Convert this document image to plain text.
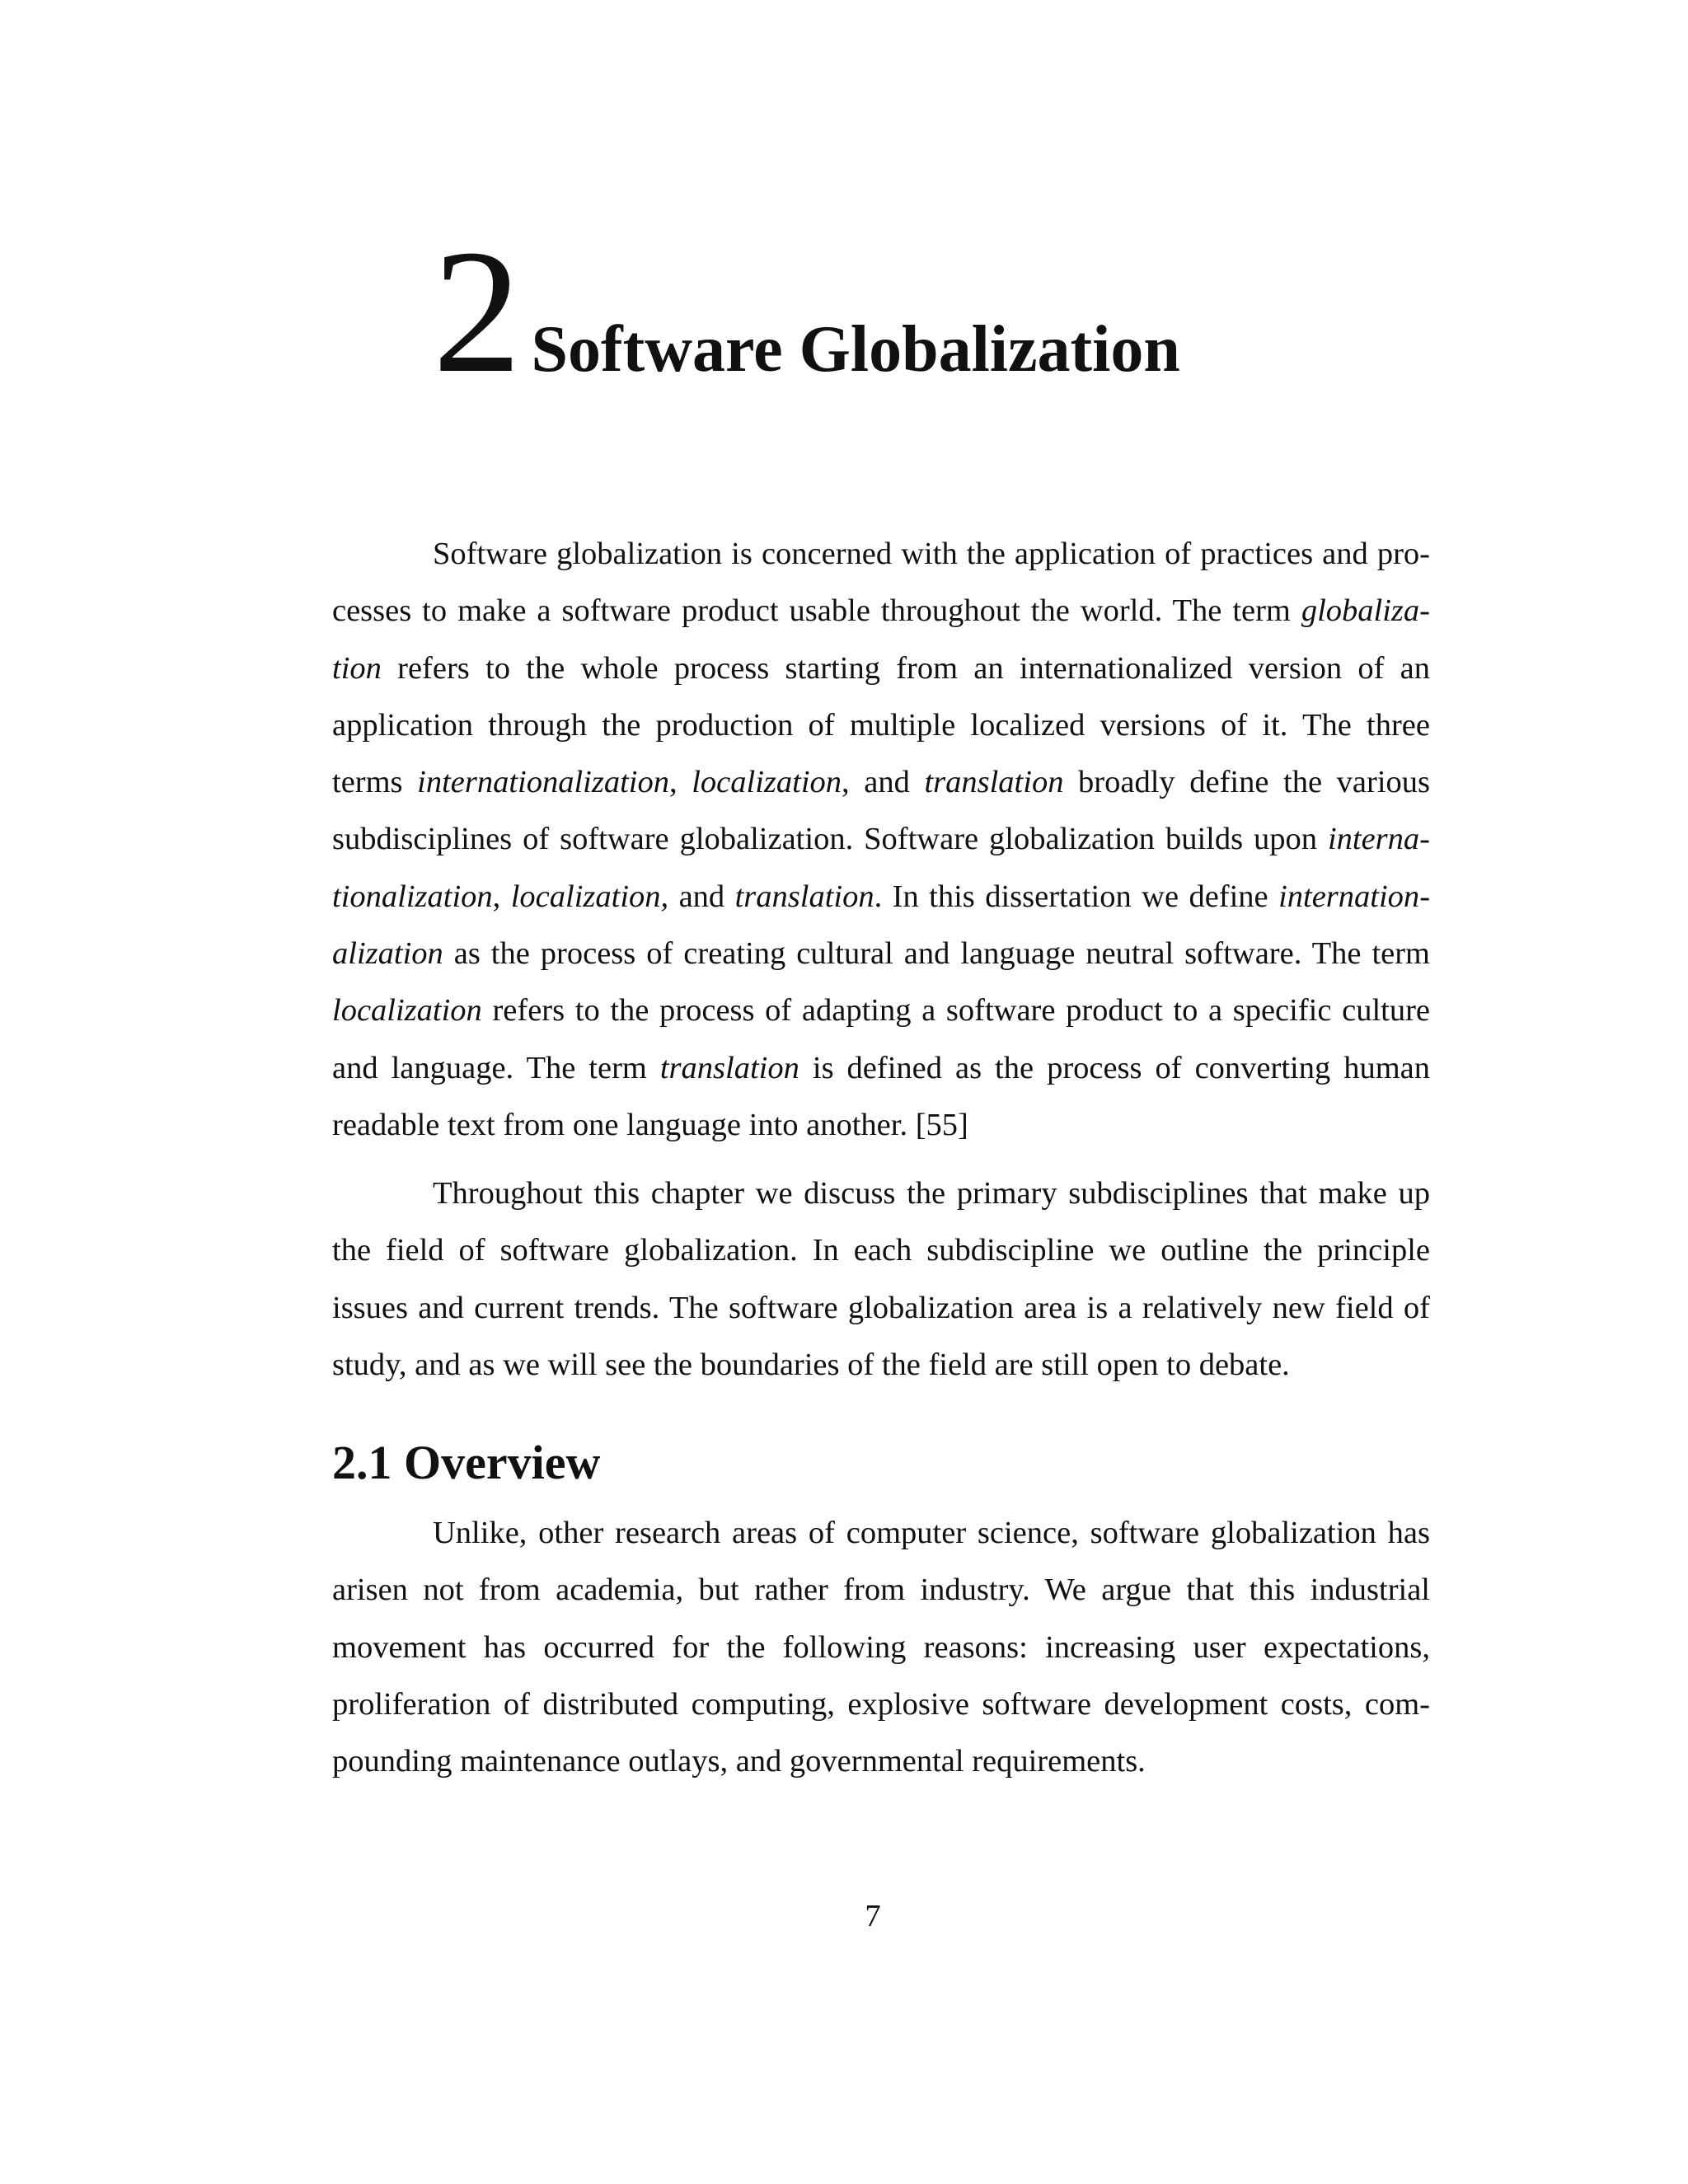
2 Software Globalization

Software globalization is concerned with the application of practices and processes to make a software product usable throughout the world. The term globalization refers to the whole process starting from an internationalized version of an application through the production of multiple localized versions of it. The three terms internationalization, localization, and translation broadly define the various subdisciplines of software globalization. Software globalization builds upon internationalization, localization, and translation. In this dissertation we define internationalization as the process of creating cultural and language neutral software. The term localization refers to the process of adapting a software product to a specific culture and language. The term translation is defined as the process of converting human readable text from one language into another. [55]

Throughout this chapter we discuss the primary subdisciplines that make up the field of software globalization. In each subdiscipline we outline the principle issues and current trends. The software globalization area is a relatively new field of study, and as we will see the boundaries of the field are still open to debate.

2.1 Overview

Unlike, other research areas of computer science, software globalization has arisen not from academia, but rather from industry. We argue that this industrial movement has occurred for the following reasons: increasing user expectations, proliferation of distributed computing, explosive software development costs, compounding maintenance outlays, and governmental requirements.

7
